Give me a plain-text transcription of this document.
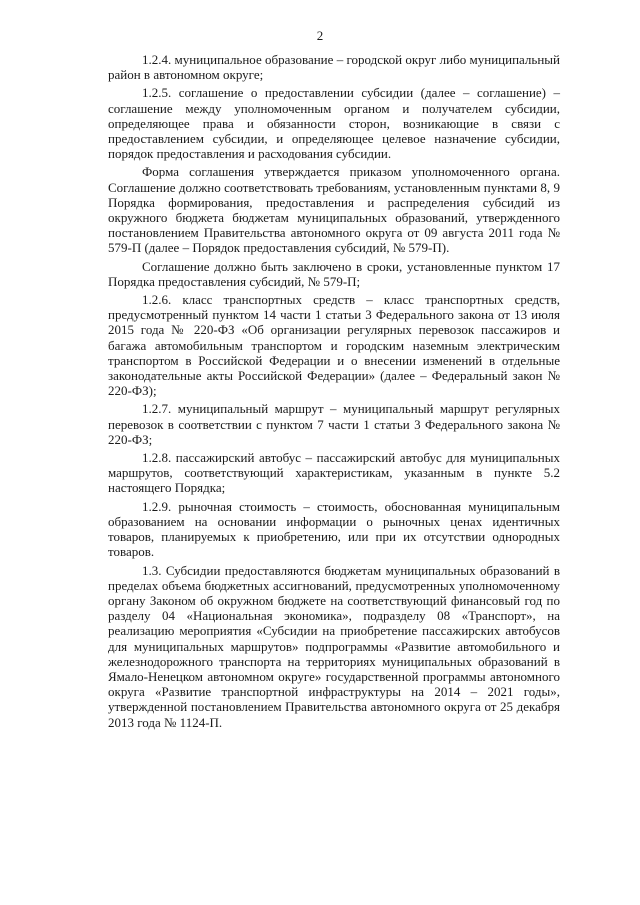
2

1.2.4. муниципальное образование – городской округ либо муниципальный район в автономном округе;

1.2.5. соглашение о предоставлении субсидии (далее – соглашение) – соглашение между уполномоченным органом и получателем субсидии, определяющее права и обязанности сторон, возникающие в связи с предоставлением субсидии, и определяющее целевое назначение субсидии, порядок предоставления и расходования субсидии.

Форма соглашения утверждается приказом уполномоченного органа. Соглашение должно соответствовать требованиям, установленным пунктами 8, 9 Порядка формирования, предоставления и распределения субсидий из окружного бюджета бюджетам муниципальных образований, утвержденного постановлением Правительства автономного округа от 09 августа 2011 года № 579-П (далее – Порядок предоставления субсидий, № 579-П).

Соглашение должно быть заключено в сроки, установленные пунктом 17 Порядка предоставления субсидий, № 579-П;

1.2.6. класс транспортных средств – класс транспортных средств, предусмотренный пунктом 14 части 1 статьи 3 Федерального закона от 13 июля 2015 года № 220-ФЗ «Об организации регулярных перевозок пассажиров и багажа автомобильным транспортом и городским наземным электрическим транспортом в Российской Федерации и о внесении изменений в отдельные законодательные акты Российской Федерации» (далее – Федеральный закон № 220-ФЗ);

1.2.7. муниципальный маршрут – муниципальный маршрут регулярных перевозок в соответствии с пунктом 7 части 1 статьи 3 Федерального закона № 220-ФЗ;

1.2.8. пассажирский автобус – пассажирский автобус для муниципальных маршрутов, соответствующий характеристикам, указанным в пункте 5.2 настоящего Порядка;

1.2.9. рыночная стоимость – стоимость, обоснованная муниципальным образованием на основании информации о рыночных ценах идентичных товаров, планируемых к приобретению, или при их отсутствии однородных товаров.

1.3. Субсидии предоставляются бюджетам муниципальных образований в пределах объема бюджетных ассигнований, предусмотренных уполномоченному органу Законом об окружном бюджете на соответствующий финансовый год по разделу 04 «Национальная экономика», подразделу 08 «Транспорт», на реализацию мероприятия «Субсидии на приобретение пассажирских автобусов для муниципальных маршрутов» подпрограммы «Развитие автомобильного и железнодорожного транспорта на территориях муниципальных образований в Ямало-Ненецком автономном округе» государственной программы автономного округа «Развитие транспортной инфраструктуры на 2014 – 2021 годы», утвержденной постановлением Правительства автономного округа от 25 декабря 2013 года № 1124-П.
